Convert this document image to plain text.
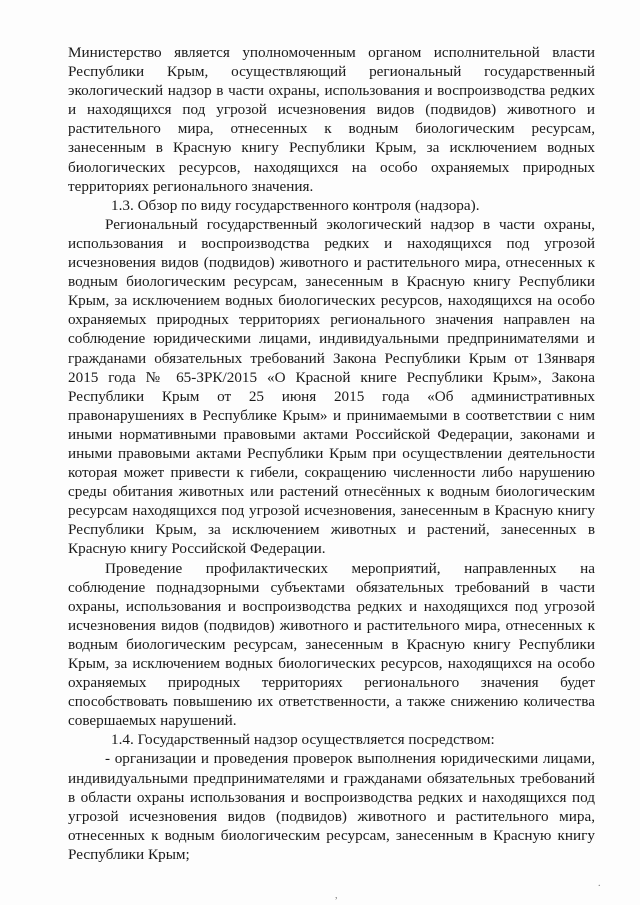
Министерство является уполномоченным органом исполнительной власти Республики Крым, осуществляющий региональный государственный экологический надзор в части охраны, использования и воспроизводства редких и находящихся под угрозой исчезновения видов (подвидов) животного и растительного мира, отнесенных к водным биологическим ресурсам, занесенным в Красную книгу Республики Крым, за исключением водных биологических ресурсов, находящихся на особо охраняемых природных территориях регионального значения.

1.3. Обзор по виду государственного контроля (надзора).

Региональный государственный экологический надзор в части охраны, использования и воспроизводства редких и находящихся под угрозой исчезновения видов (подвидов) животного и растительного мира, отнесенных к водным биологическим ресурсам, занесенным в Красную книгу Республики Крым, за исключением водных биологических ресурсов, находящихся на особо охраняемых природных территориях регионального значения направлен на соблюдение юридическими лицами, индивидуальными предпринимателями и гражданами обязательных требований Закона Республики Крым от 13января 2015 года № 65-ЗРК/2015 «О Красной книге Республики Крым», Закона Республики Крым от 25 июня 2015 года «Об административных правонарушениях в Республике Крым» и принимаемыми в соответствии с ним иными нормативными правовыми актами Российской Федерации, законами и иными правовыми актами Республики Крым при осуществлении деятельности которая может привести к гибели, сокращению численности либо нарушению среды обитания животных или растений отнесённых к водным биологическим ресурсам находящихся под угрозой исчезновения, занесенным в Красную книгу Республики Крым, за исключением животных и растений, занесенных в Красную книгу Российской Федерации.

Проведение профилактических мероприятий, направленных на соблюдение поднадзорными субъектами обязательных требований в части охраны, использования и воспроизводства редких и находящихся под угрозой исчезновения видов (подвидов) животного и растительного мира, отнесенных к водным биологическим ресурсам, занесенным в Красную книгу Республики Крым, за исключением водных биологических ресурсов, находящихся на особо охраняемых природных территориях регионального значения будет способствовать повышению их ответственности, а также снижению количества совершаемых нарушений.

1.4. Государственный надзор осуществляется посредством:

- организации и проведения проверок выполнения юридическими лицами, индивидуальными предпринимателями и гражданами обязательных требований в области охраны использования и воспроизводства редких и находящихся под угрозой исчезновения видов (подвидов) животного и растительного мира, отнесенных к водным биологическим ресурсам, занесенным в Красную книгу Республики Крым;

,
.
